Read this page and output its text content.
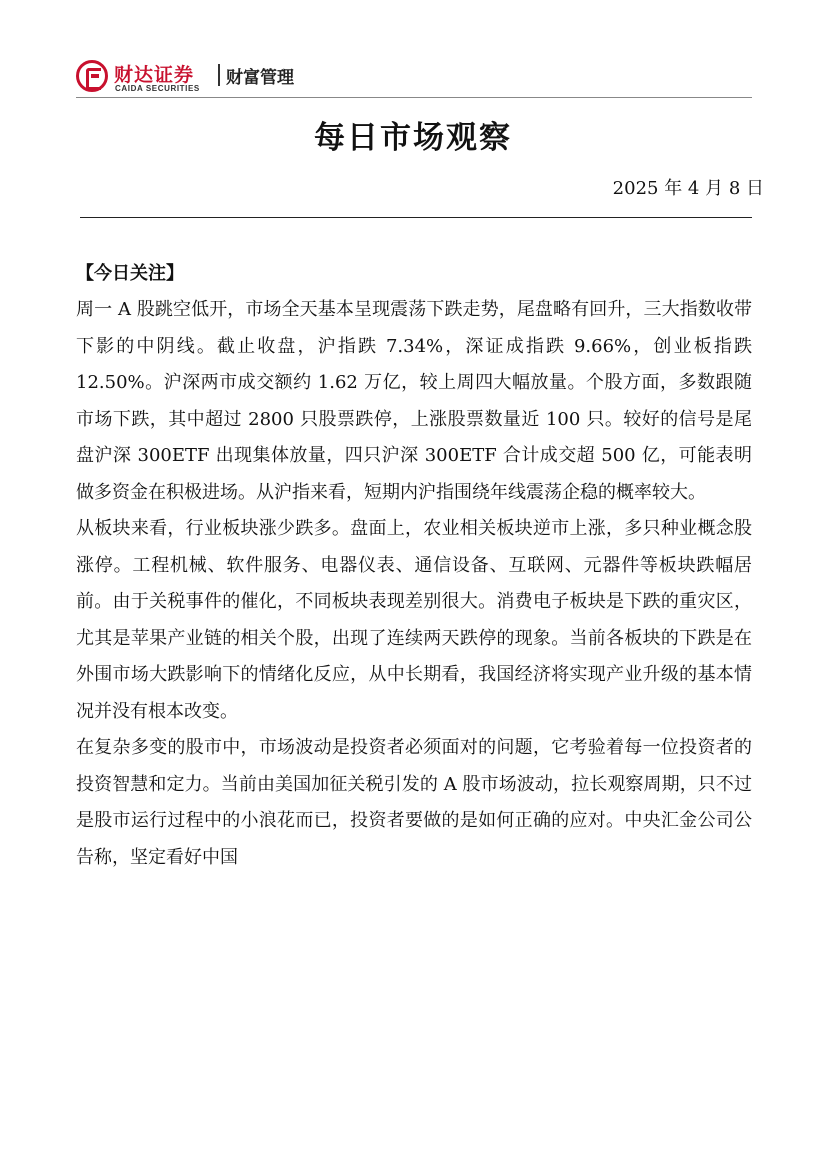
财达证券
CAIDA SECURITIES
财富管理
每日市场观察
2025 年 4 月 8 日
【今日关注】

周一 A 股跳空低开，市场全天基本呈现震荡下跌走势，尾盘略有回升，三大指数收带下影的中阴线。截止收盘，沪指跌 7.34%，深证成指跌 9.66%，创业板指跌 12.50%。沪深两市成交额约 1.62 万亿，较上周四大幅放量。个股方面，多数跟随市场下跌，其中超过 2800 只股票跌停，上涨股票数量近 100 只。较好的信号是尾盘沪深 300ETF 出现集体放量，四只沪深 300ETF 合计成交超 500 亿，可能表明做多资金在积极进场。从沪指来看，短期内沪指围绕年线震荡企稳的概率较大。

从板块来看，行业板块涨少跌多。盘面上，农业相关板块逆市上涨，多只种业概念股涨停。工程机械、软件服务、电器仪表、通信设备、互联网、元器件等板块跌幅居前。由于关税事件的催化，不同板块表现差别很大。消费电子板块是下跌的重灾区，尤其是苹果产业链的相关个股，出现了连续两天跌停的现象。当前各板块的下跌是在外围市场大跌影响下的情绪化反应，从中长期看，我国经济将实现产业升级的基本情况并没有根本改变。

在复杂多变的股市中，市场波动是投资者必须面对的问题，它考验着每一位投资者的投资智慧和定力。当前由美国加征关税引发的 A 股市场波动，拉长观察周期，只不过是股市运行过程中的小浪花而已，投资者要做的是如何正确的应对。中央汇金公司公告称，坚定看好中国
